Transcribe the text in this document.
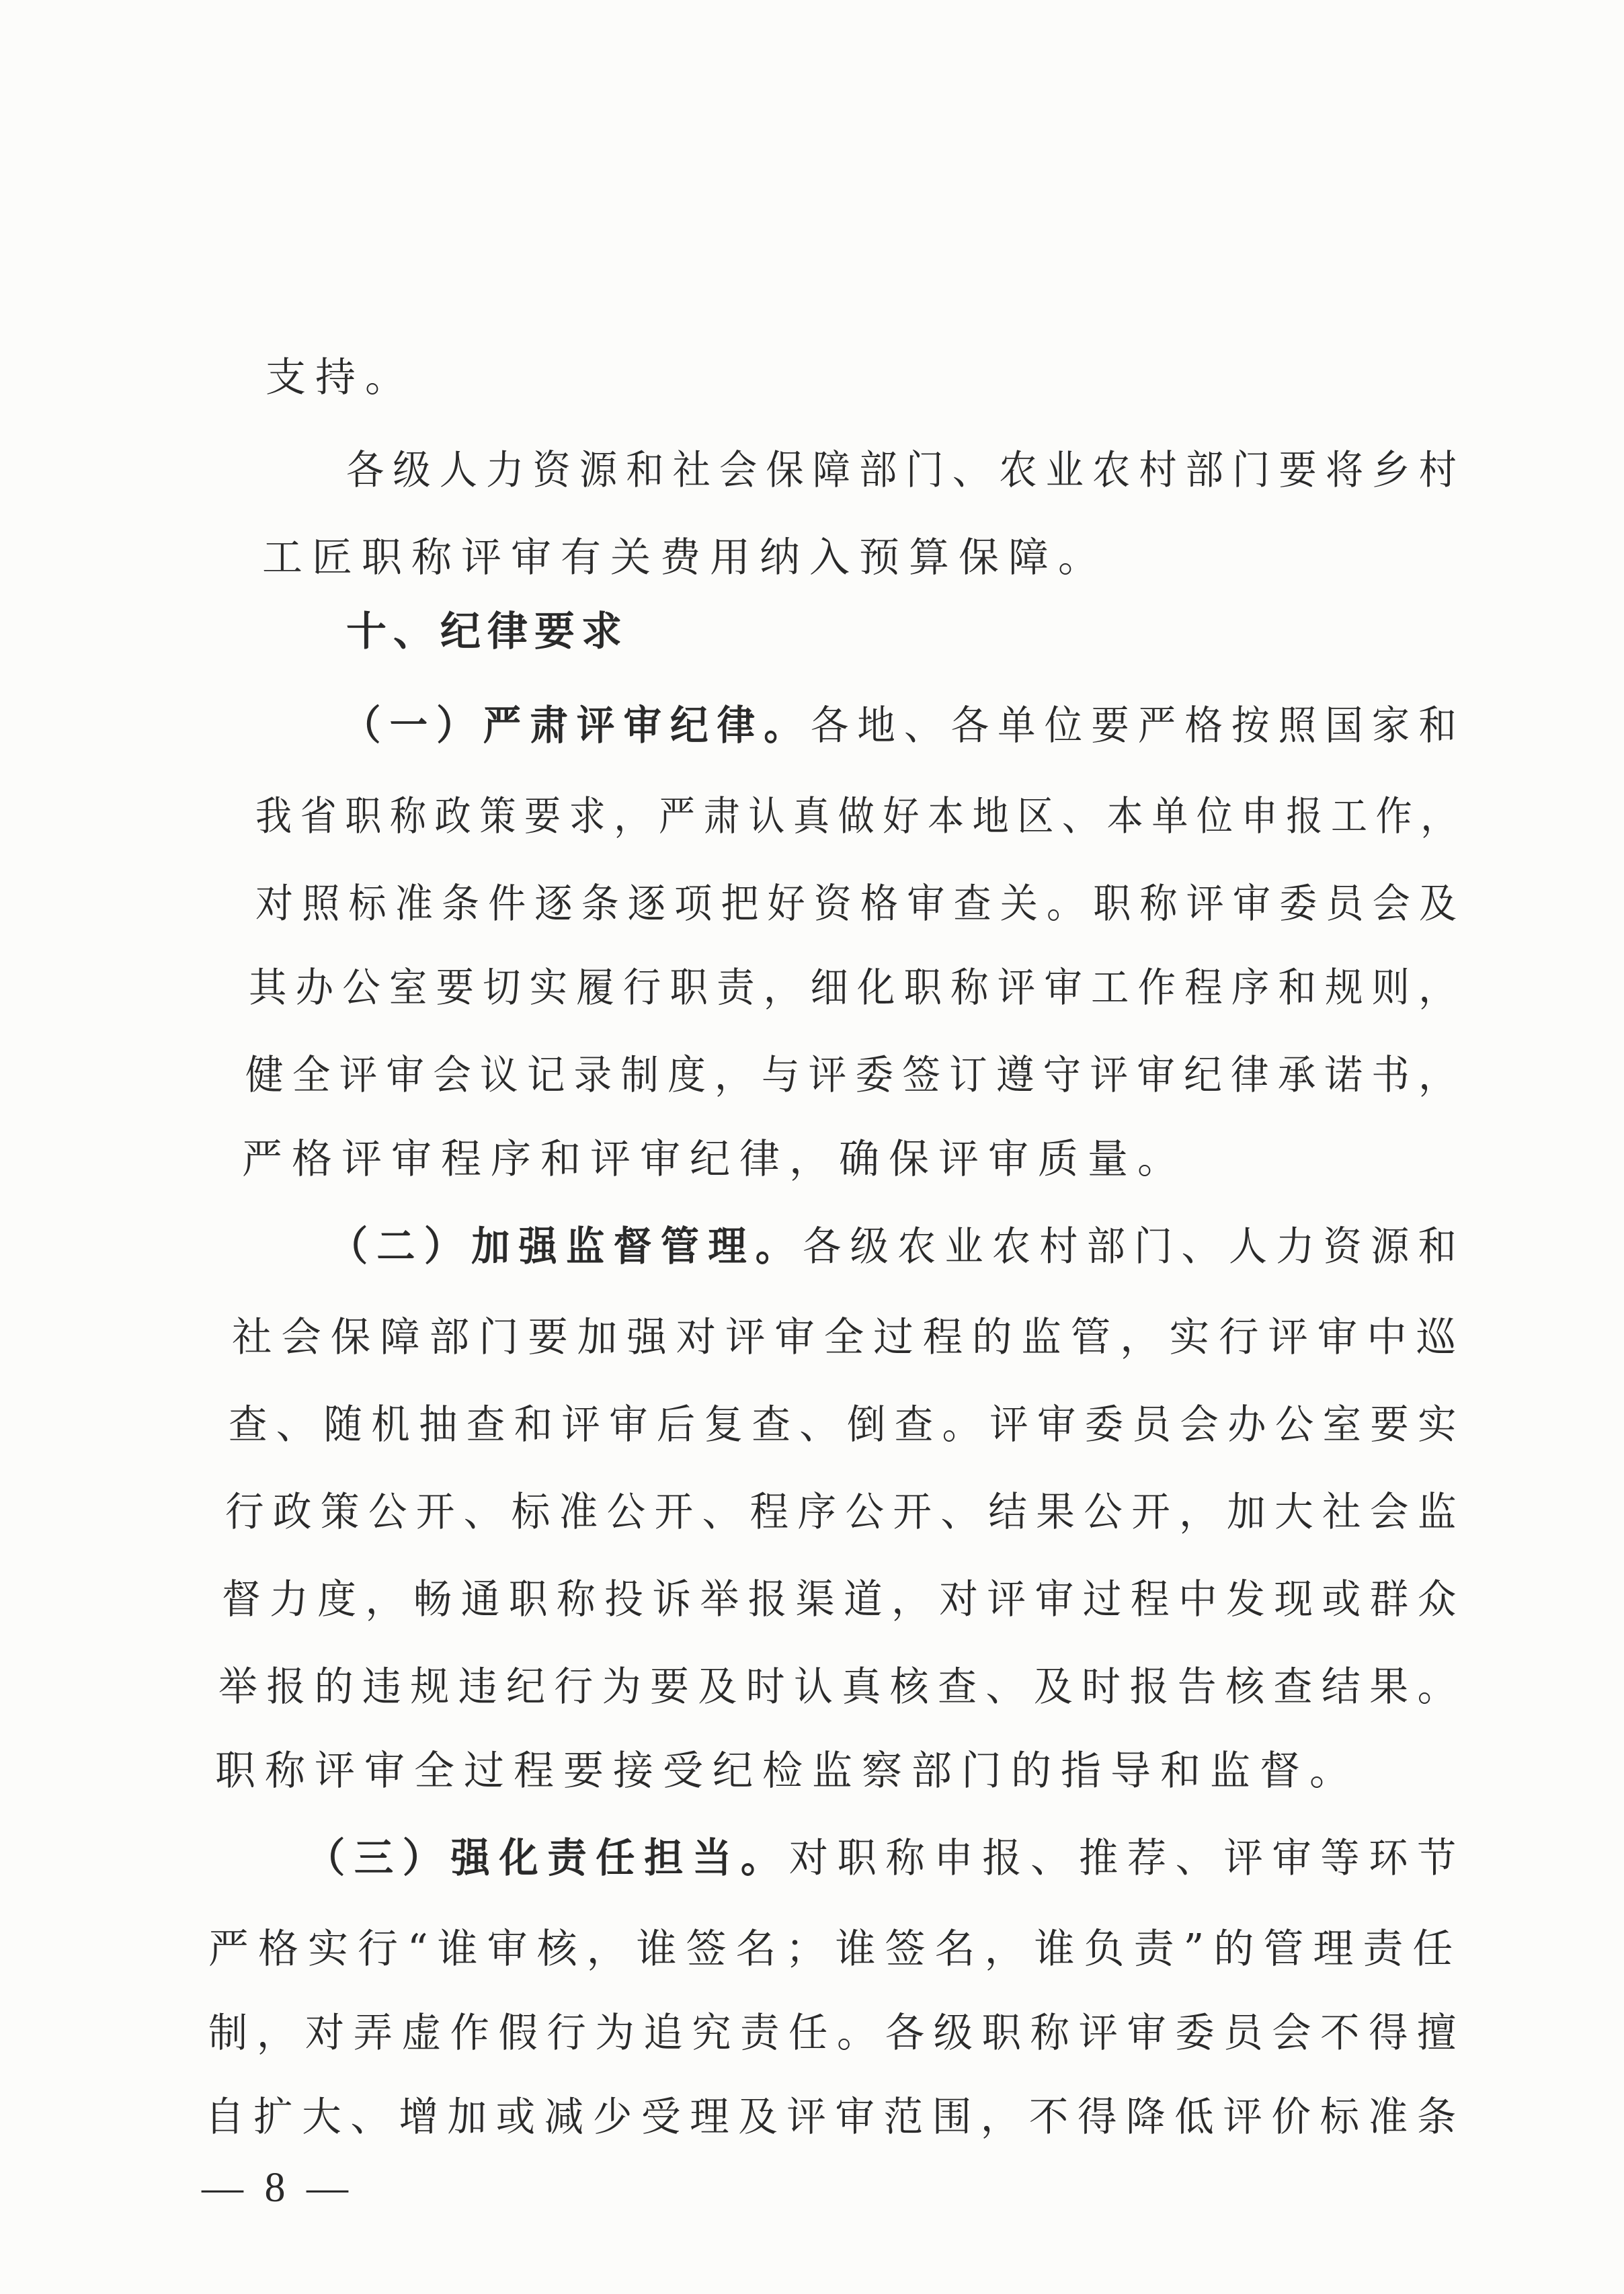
支持。
各级人力资源和社会保障部门、农业农村部门要将乡村
工匠职称评审有关费用纳入预算保障。
十、纪律要求
（一）严肃评审纪律。各地、各单位要严格按照国家和
我省职称政策要求，严肃认真做好本地区、本单位申报工作，
对照标准条件逐条逐项把好资格审查关。职称评审委员会及
其办公室要切实履行职责，细化职称评审工作程序和规则，
健全评审会议记录制度，与评委签订遵守评审纪律承诺书，
严格评审程序和评审纪律，确保评审质量。
（二）加强监督管理。各级农业农村部门、人力资源和
社会保障部门要加强对评审全过程的监管，实行评审中巡
查、随机抽查和评审后复查、倒查。评审委员会办公室要实
行政策公开、标准公开、程序公开、结果公开，加大社会监
督力度，畅通职称投诉举报渠道，对评审过程中发现或群众
举报的违规违纪行为要及时认真核查、及时报告核查结果。
职称评审全过程要接受纪检监察部门的指导和监督。
（三）强化责任担当。对职称申报、推荐、评审等环节
严格实行“谁审核，谁签名；谁签名，谁负责”的管理责任
制，对弄虚作假行为追究责任。各级职称评审委员会不得擅
— 8 —
自扩大、增加或减少受理及评审范围，不得降低评价标准条
